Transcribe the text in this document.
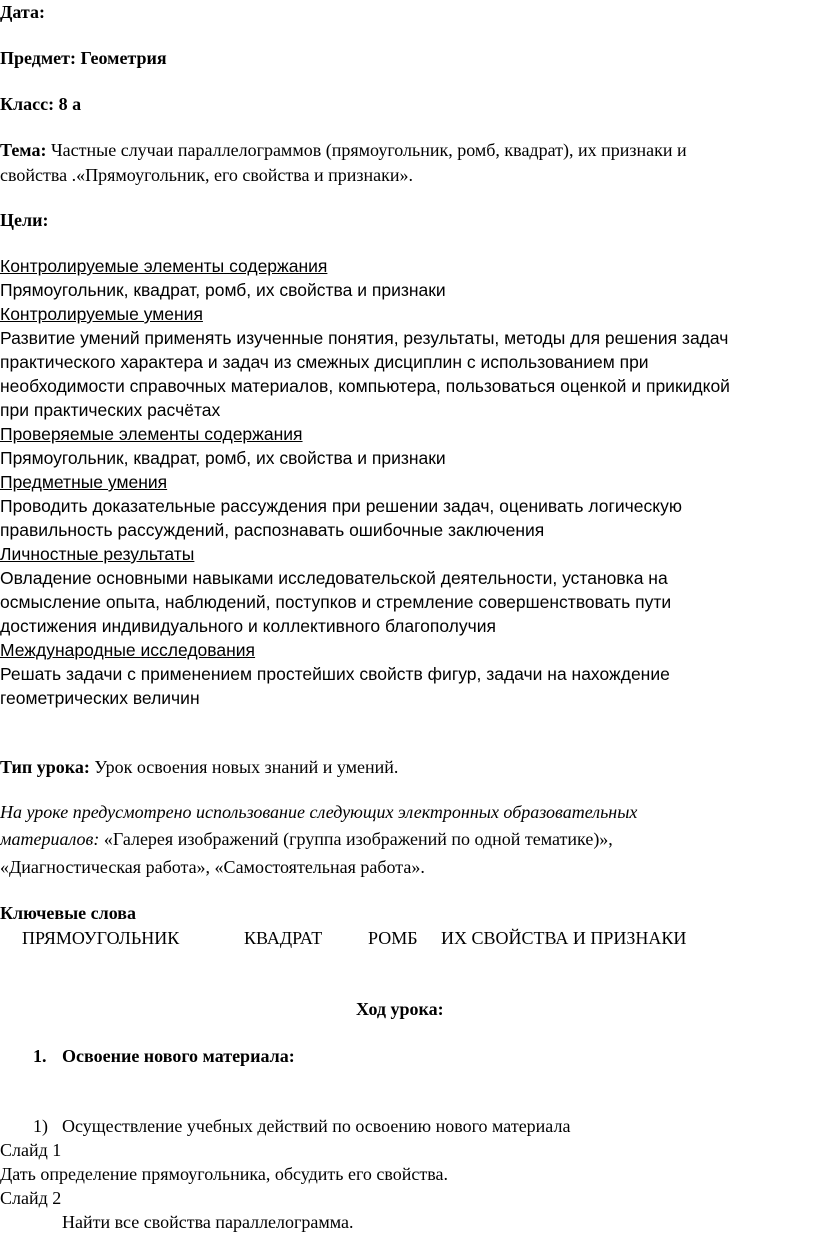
Дата:
Предмет: Геометрия
Класс: 8 а
Тема: Частные случаи параллелограммов (прямоугольник, ромб, квадрат), их признаки и
свойства .«Прямоугольник, его свойства и признаки».
Цели:
Контролируемые элементы содержания
Прямоугольник, квадрат, ромб, их свойства и признаки
Контролируемые умения
Развитие умений применять изученные понятия, результаты, методы для решения задач
практического характера и задач из смежных дисциплин с использованием при
необходимости справочных материалов, компьютера, пользоваться оценкой и прикидкой
при практических расчётах
Проверяемые элементы содержания
Прямоугольник, квадрат, ромб, их свойства и признаки
Предметные умения
Проводить доказательные рассуждения при решении задач, оценивать логическую
правильность рассуждений, распознавать ошибочные заключения
Личностные результаты
Овладение основными навыками исследовательской деятельности, установка на
осмысление опыта, наблюдений, поступков и стремление совершенствовать пути
достижения индивидуального и коллективного благополучия
Международные исследования
Решать задачи с применением простейших свойств фигур, задачи на нахождение
геометрических величин
Тип урока: Урок освоения новых знаний и умений.
На уроке предусмотрено использование следующих электронных образовательных
материалов: «Галерея изображений (группа изображений по одной тематике)»,
«Диагностическая работа», «Самостоятельная работа».
Ключевые слова
ПРЯМОУГОЛЬНИК	КВАДРАТ	РОМБ ИХ СВОЙСТВА И ПРИЗНАКИ
Ход урока:
1. Освоение нового материала:
1) Осуществление учебных действий по освоению нового материала
Слайд 1
Дать определение прямоугольника, обсудить его свойства.
Слайд 2
Найти все свойства параллелограмма.
